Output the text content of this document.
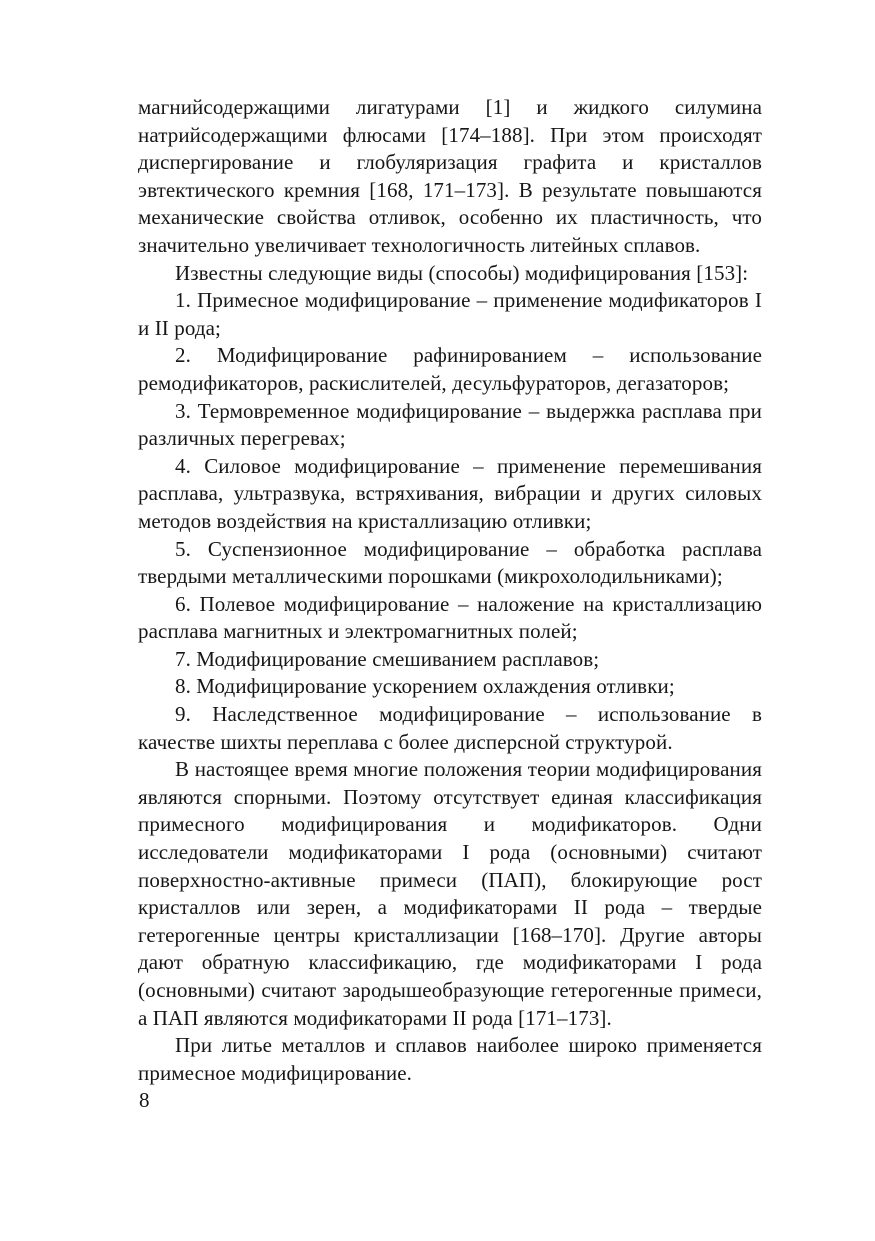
магнийсодержащими лигатурами [1] и жидкого силумина натрийсодержащими флюсами [174–188]. При этом происходят диспергирование и глобуляризация графита и кристаллов эвтектического кремния [168, 171–173]. В результате повышаются механические свойства отливок, особенно их пластичность, что значительно увеличивает технологичность литейных сплавов.

Известны следующие виды (способы) модифицирования [153]:

1. Примесное модифицирование – применение модификаторов I и II рода;

2. Модифицирование рафинированием – использование ремодификаторов, раскислителей, десульфураторов, дегазаторов;

3. Термовременное модифицирование – выдержка расплава при различных перегревах;

4. Силовое модифицирование – применение перемешивания расплава, ультразвука, встряхивания, вибрации и других силовых методов воздействия на кристаллизацию отливки;

5. Суспензионное модифицирование – обработка расплава твердыми металлическими порошками (микрохолодильниками);

6. Полевое модифицирование – наложение на кристаллизацию расплава магнитных и электромагнитных полей;

7. Модифицирование смешиванием расплавов;

8. Модифицирование ускорением охлаждения отливки;

9. Наследственное модифицирование – использование в качестве шихты переплава с более дисперсной структурой.

В настоящее время многие положения теории модифицирования являются спорными. Поэтому отсутствует единая классификация примесного модифицирования и модификаторов. Одни исследователи модификаторами I рода (основными) считают поверхностно-активные примеси (ПАП), блокирующие рост кристаллов или зерен, а модификаторами II рода – твердые гетерогенные центры кристаллизации [168–170]. Другие авторы дают обратную классификацию, где модификаторами I рода (основными) считают зародышеобразующие гетерогенные примеси, а ПАП являются модификаторами II рода [171–173].

При литье металлов и сплавов наиболее широко применяется примесное модифицирование.

8
